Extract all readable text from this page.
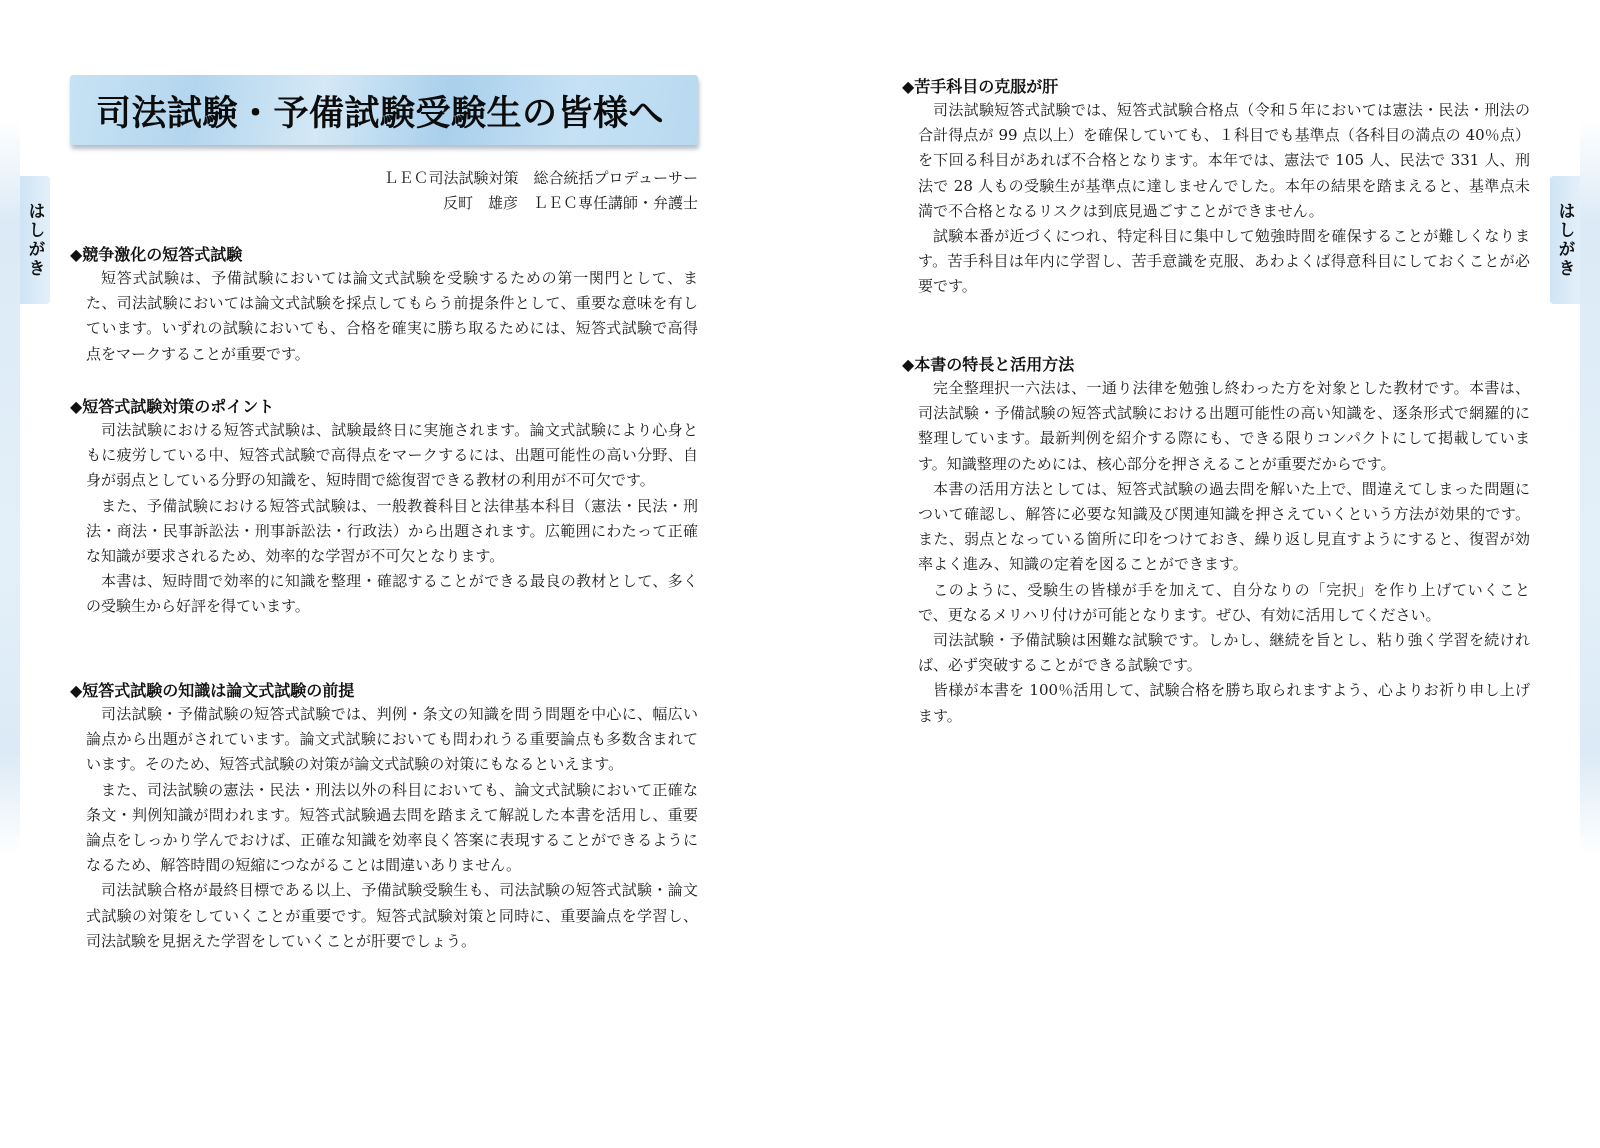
はしがき
司法試験・予備試験受験生の皆様へ
ＬＥＣ司法試験対策　総合統括プロデューサー
反町　雄彦　ＬＥＣ専任講師・弁護士
◆競争激化の短答式試験

短答式試験は、予備試験においては論文式試験を受験するための第一関門として、また、司法試験においては論文式試験を採点してもらう前提条件として、重要な意味を有しています。いずれの試験においても、合格を確実に勝ち取るためには、短答式試験で高得点をマークすることが重要です。

◆短答式試験対策のポイント

司法試験における短答式試験は、試験最終日に実施されます。論文式試験により心身ともに疲労している中、短答式試験で高得点をマークするには、出題可能性の高い分野、自身が弱点としている分野の知識を、短時間で総復習できる教材の利用が不可欠です。

また、予備試験における短答式試験は、一般教養科目と法律基本科目（憲法・民法・刑法・商法・民事訴訟法・刑事訴訟法・行政法）から出題されます。広範囲にわたって正確な知識が要求されるため、効率的な学習が不可欠となります。

本書は、短時間で効率的に知識を整理・確認することができる最良の教材として、多くの受験生から好評を得ています。

◆短答式試験の知識は論文式試験の前提

司法試験・予備試験の短答式試験では、判例・条文の知識を問う問題を中心に、幅広い論点から出題がされています。論文式試験においても問われうる重要論点も多数含まれています。そのため、短答式試験の対策が論文式試験の対策にもなるといえます。

また、司法試験の憲法・民法・刑法以外の科目においても、論文式試験において正確な条文・判例知識が問われます。短答式試験過去問を踏まえて解説した本書を活用し、重要論点をしっかり学んでおけば、正確な知識を効率良く答案に表現することができるようになるため、解答時間の短縮につながることは間違いありません。

司法試験合格が最終目標である以上、予備試験受験生も、司法試験の短答式試験・論文式試験の対策をしていくことが重要です。短答式試験対策と同時に、重要論点を学習し、司法試験を見据えた学習をしていくことが肝要でしょう。

はしがき
◆苦手科目の克服が肝

司法試験短答式試験では、短答式試験合格点（令和５年においては憲法・民法・刑法の合計得点が 99 点以上）を確保していても、１科目でも基準点（各科目の満点の 40％点）を下回る科目があれば不合格となります。本年では、憲法で 105 人、民法で 331 人、刑法で 28 人もの受験生が基準点に達しませんでした。本年の結果を踏まえると、基準点未満で不合格となるリスクは到底見過ごすことができません。

試験本番が近づくにつれ、特定科目に集中して勉強時間を確保することが難しくなります。苦手科目は年内に学習し、苦手意識を克服、あわよくば得意科目にしておくことが必要です。

◆本書の特長と活用方法

完全整理択一六法は、一通り法律を勉強し終わった方を対象とした教材です。本書は、司法試験・予備試験の短答式試験における出題可能性の高い知識を、逐条形式で網羅的に整理しています。最新判例を紹介する際にも、できる限りコンパクトにして掲載しています。知識整理のためには、核心部分を押さえることが重要だからです。

本書の活用方法としては、短答式試験の過去問を解いた上で、間違えてしまった問題について確認し、解答に必要な知識及び関連知識を押さえていくという方法が効果的です。また、弱点となっている箇所に印をつけておき、繰り返し見直すようにすると、復習が効率よく進み、知識の定着を図ることができます。

このように、受験生の皆様が手を加えて、自分なりの「完択」を作り上げていくことで、更なるメリハリ付けが可能となります。ぜひ、有効に活用してください。

司法試験・予備試験は困難な試験です。しかし、継続を旨とし、粘り強く学習を続ければ、必ず突破することができる試験です。

皆様が本書を 100％活用して、試験合格を勝ち取られますよう、心よりお祈り申し上げます。
